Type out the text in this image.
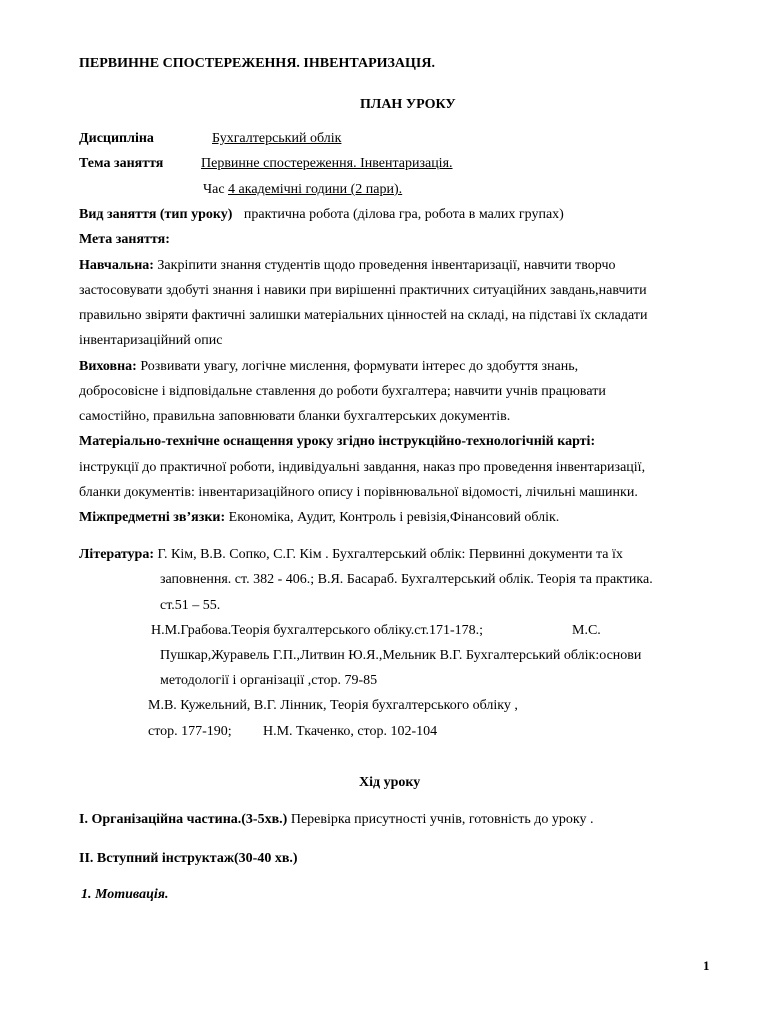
ПЕРВИННЕ СПОСТЕРЕЖЕННЯ. ІНВЕНТАРИЗАЦІЯ.
ПЛАН УРОКУ
Дисципліна	Бухгалтерський облік
Тема заняття	Первинне спостереження. Інвентаризація.
Час 4 академічні години (2 пари).
Вид заняття (тип уроку) практична робота (ділова гра, робота в малих групах)
Мета заняття:
Навчальна: Закріпити знання студентів щодо проведення інвентаризації, навчити творчо
застосовувати здобуті знання і навики при вирішенні практичних ситуаційних завдань,навчити
правильно звіряти фактичні залишки матеріальних цінностей на складі, на підставі їх складати
інвентаризаційний опис
Виховна: Розвивати увагу, логічне мислення, формувати інтерес до здобуття знань,
добросовісне і відповідальне ставлення до роботи бухгалтера; навчити учнів працювати
самостійно, правильна заповнювати бланки бухгалтерських документів.
Матеріально-технічне оснащення уроку згідно інструкційно-технологічній карті:
інструкції до практичної роботи, індивідуальні завдання, наказ про проведення інвентаризації,
бланки документів: інвентаризаційного опису і порівнювальної відомості, лічильні машинки.
Міжпредметні зв’язки: Економіка, Аудит, Контроль і ревізія,Фінансовий облік.
Література: Г. Кім, В.В. Сопко, С.Г. Кім . Бухгалтерський облік: Первинні документи та їх
заповнення. ст. 382 - 406.; В.Я. Басараб. Бухгалтерський облік. Теорія та практика.
ст.51 – 55.
Н.М.Грабова.Теорія бухгалтерського обліку.ст.171-178.;	М.С.
Пушкар,Журавель Г.П.,Литвин Ю.Я.,Мельник В.Г. Бухгалтерський облік:основи
методології і організації ,стор. 79-85
М.В. Кужельний, В.Г. Лінник, Теорія бухгалтерського обліку ,
стор. 177-190; Н.М. Ткаченко, стор. 102-104
Хід уроку
І. Організаційна частина.(3-5хв.) Перевірка присутності учнів, готовність до уроку .
ІІ. Вступний інструктаж(30-40 хв.)
1. Мотивація.
1
